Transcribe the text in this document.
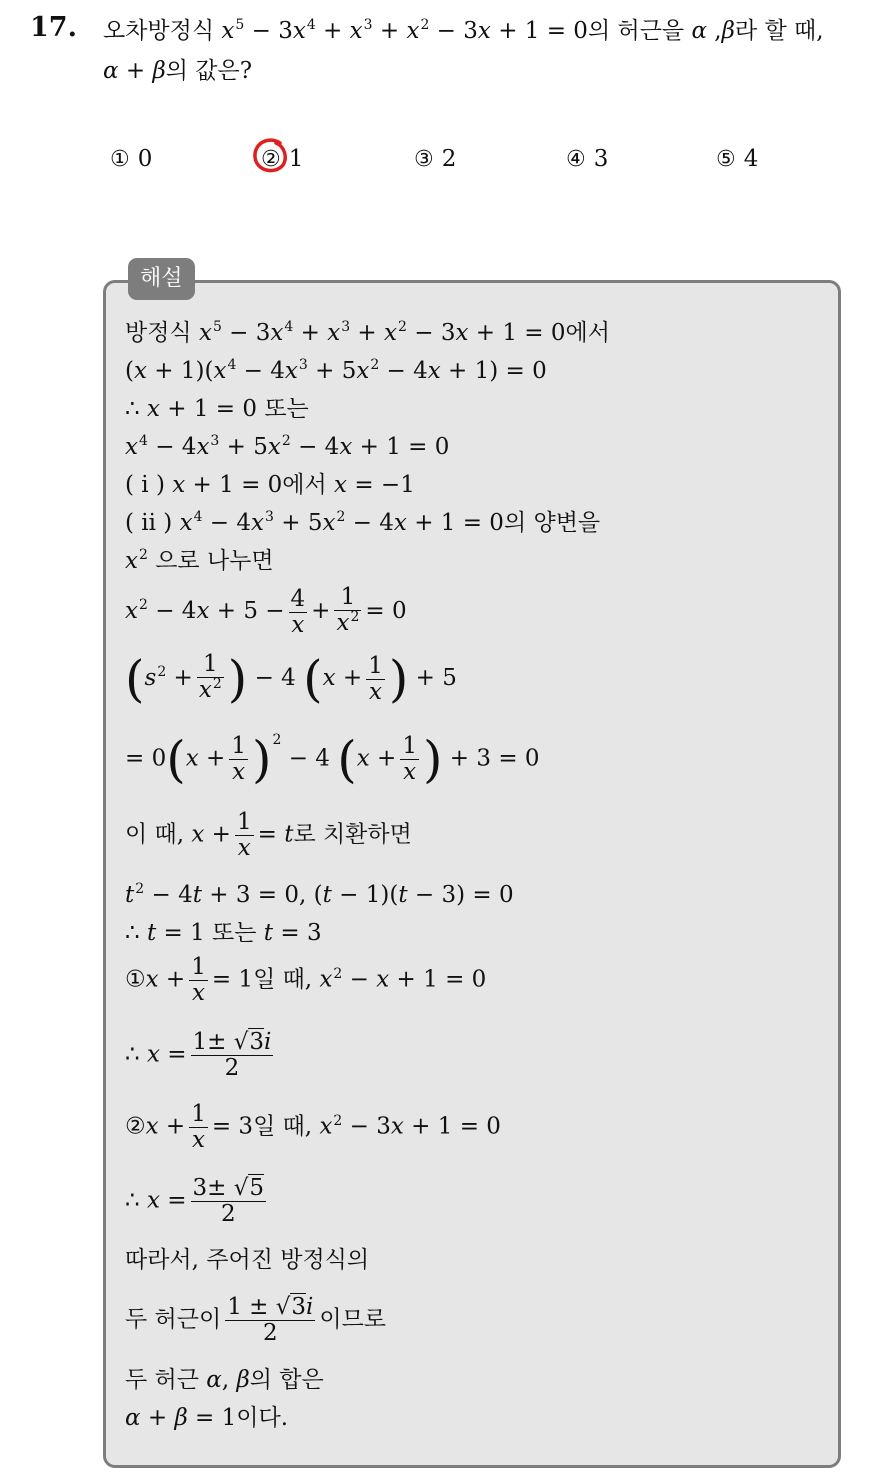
17. 오차방정식 $x^5 - 3x^4 + x^3 + x^2 - 3x + 1 = 0$의 허근을 α ,β라 할 때,
α + β의 값은?
① 0	② 1	③ 2	④ 3	⑤ 4
해설
방정식 $x^5 - 3x^4 + x^3 + x^2 - 3x + 1 = 0$에서
$(x + 1)(x^4 - 4x^3 + 5x^2 - 4x + 1) = 0$
∴ x + 1 = 0 또는
$x^4 - 4x^3 + 5x^2 - 4x + 1 = 0$
( i ) x + 1 = 0에서 x = −1
( ii ) $x^4 - 4x^3 + 5x^2 - 4x + 1 = 0$의 양변을
$x^2$ 으로 나누면
$x^2 - 4x + 5 - \frac{4}{x} + \frac{1}{x^2} = 0$
($s^2 + \frac{1}{x^2}$ ) − 4 ($x + \frac{1}{x}$ ) + 5
= $0(x + \frac{1}{x} )^2 - 4$ ($x + \frac{1}{x}$ ) + 3 = 0
이 때, $x + \frac{1}{x} = t$로 치환하면
$t^2 - 4t + 3 = 0$, (t − 1)(t − 3) = 0
∴ t = 1 또는 t = 3
①x + $\frac{1}{x} = 1$일 때, $x^2 - x + 1 = 0$
∴ $x = \frac{1\pm √3i}{2}$
②x + $\frac{1}{x} = 3$일 때, $x^2 - 3x + 1 = 0$
∴ $x = \frac{3\pm √5}{2}$
따라서, 주어진 방정식의
두 허근이 $\frac{1 \pm √3i}{2}$ 이므로
두 허근 α, β의 합은
α + β = 1이다.
